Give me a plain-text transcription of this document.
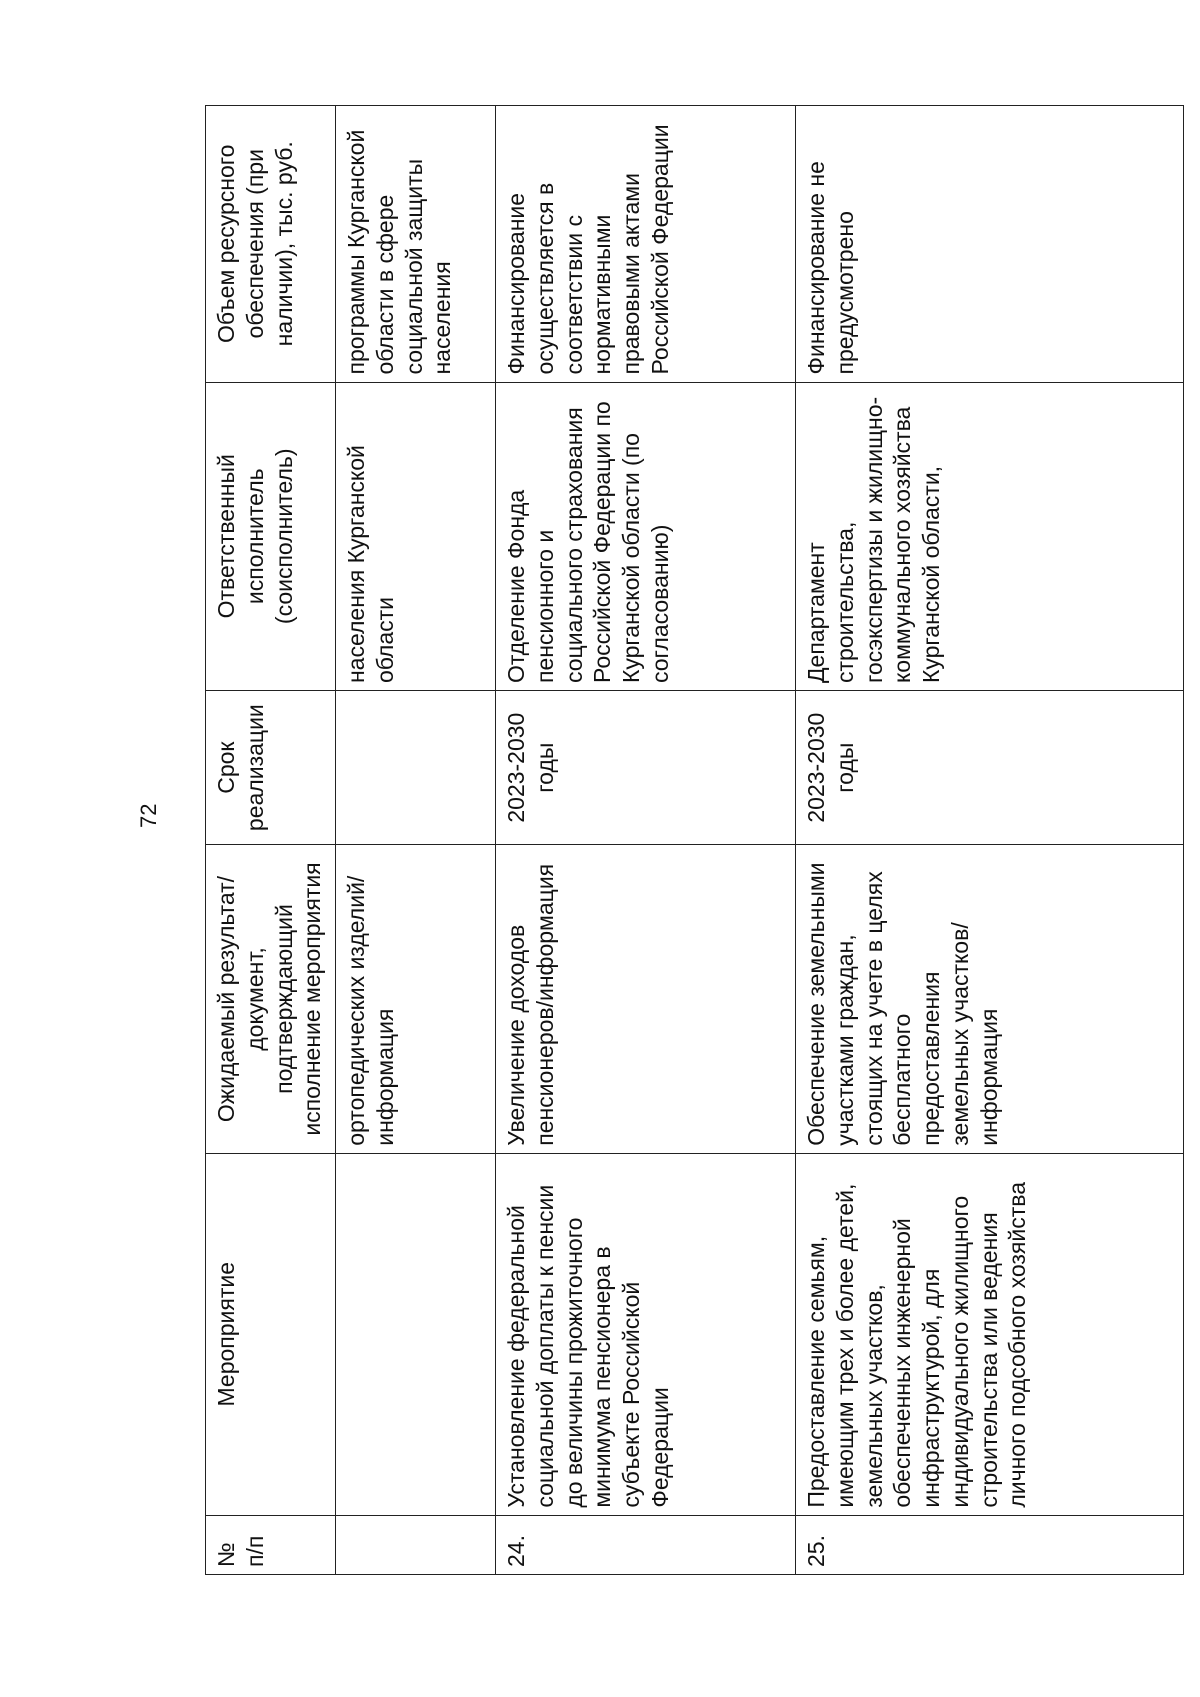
72
№ п/п	Мероприятие	Ожидаемый результат/документ, подтверждающий исполнение мероприятия	Срок реализации	Ответственный исполнитель (соисполнитель)	Объем ресурсного обеспечения (при наличии), тыс. руб.
		ортопедических изделий/информация		населения Курганской области	программы Курганской области в сфере социальной защиты населения
24.	Установление федеральной социальной доплаты к пенсии до величины прожиточного минимума пенсионера в субъекте Российской Федерации	Увеличение доходов пенсионеров/информация	2023-2030 годы	Отделение Фонда пенсионного и социального страхования Российской Федерации по Курганской области (по согласованию)	Финансирование осуществляется в соответствии с нормативными правовыми актами Российской Федерации
25.	Предоставление семьям, имеющим трех и более детей, земельных участков, обеспеченных инженерной инфраструктурой, для индивидуального жилищного строительства или ведения личного подсобного хозяйства	Обеспечение земельными участками граждан, стоящих на учете в целях бесплатного предоставления земельных участков/информация	2023-2030 годы	Департамент строительства, госэкспертизы и жилищно-коммунального хозяйства Курганской области,	Финансирование не предусмотрено
